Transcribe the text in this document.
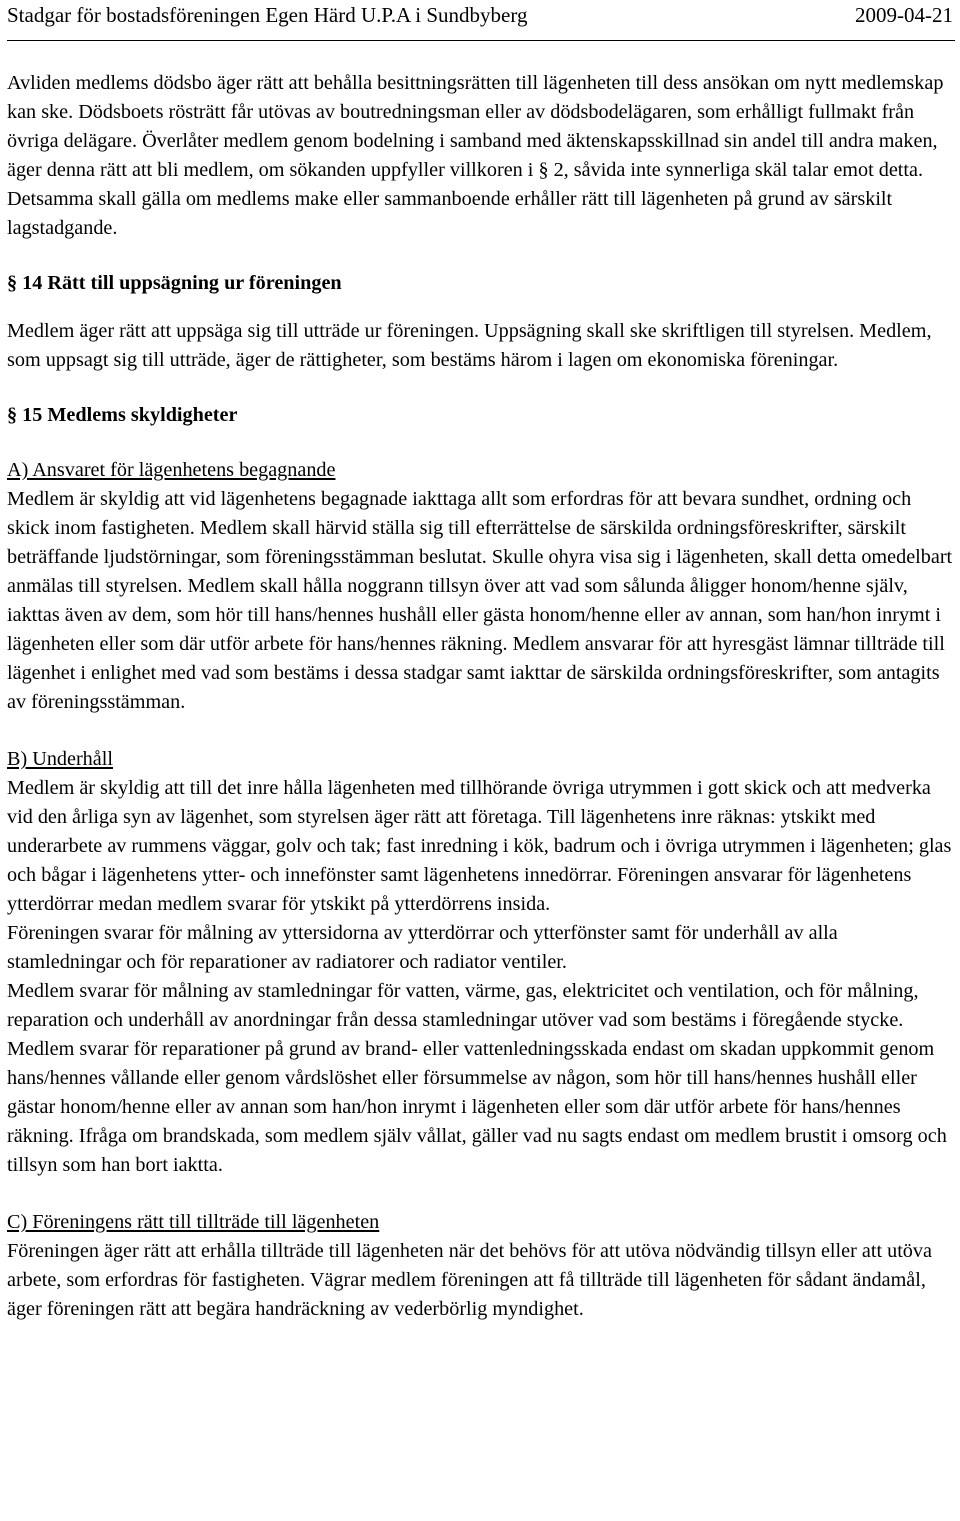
Stadgar för bostadsföreningen Egen Härd U.P.A i Sundbyberg	2009-04-21

Avliden medlems dödsbo äger rätt att behålla besittningsrätten till lägenheten till dess ansökan om nytt medlemskap kan ske. Dödsboets rösträtt får utövas av boutredningsman eller av dödsbodelägaren, som erhålligt fullmakt från övriga delägare. Överlåter medlem genom bodelning i samband med äktenskapsskillnad sin andel till andra maken, äger denna rätt att bli medlem, om sökanden uppfyller villkoren i § 2, såvida inte synnerliga skäl talar emot detta. Detsamma skall gälla om medlems make eller sammanboende erhåller rätt till lägenheten på grund av särskilt lagstadgande.

§ 14 Rätt till uppsägning ur föreningen

Medlem äger rätt att uppsäga sig till utträde ur föreningen. Uppsägning skall ske skriftligen till styrelsen. Medlem, som uppsagt sig till utträde, äger de rättigheter, som bestäms härom i lagen om ekonomiska föreningar.

§ 15 Medlems skyldigheter

A) Ansvaret för lägenhetens begagnande

Medlem är skyldig att vid lägenhetens begagnade iakttaga allt som erfordras för att bevara sundhet, ordning och skick inom fastigheten. Medlem skall härvid ställa sig till efterrättelse de särskilda ordningsföreskrifter, särskilt beträffande ljudstörningar, som föreningsstämman beslutat. Skulle ohyra visa sig i lägenheten, skall detta omedelbart anmälas till styrelsen. Medlem skall hålla noggrann tillsyn över att vad som sålunda åligger honom/henne själv, iakttas även av dem, som hör till hans/hennes hushåll eller gästa honom/henne eller av annan, som han/hon inrymt i lägenheten eller som där utför arbete för hans/hennes räkning. Medlem ansvarar för att hyresgäst lämnar tillträde till lägenhet i enlighet med vad som bestäms i dessa stadgar samt iakttar de särskilda ordningsföreskrifter, som antagits av föreningsstämman.

B) Underhåll

Medlem är skyldig att till det inre hålla lägenheten med tillhörande övriga utrymmen i gott skick och att medverka vid den årliga syn av lägenhet, som styrelsen äger rätt att företaga. Till lägenhetens inre räknas: ytskikt med underarbete av rummens väggar, golv och tak; fast inredning i kök, badrum och i övriga utrymmen i lägenheten; glas och bågar i lägenhetens ytter- och innefönster samt lägenhetens innedörrar. Föreningen ansvarar för lägenhetens ytterdörrar medan medlem svarar för ytskikt på ytterdörrens insida.

Föreningen svarar för målning av yttersidorna av ytterdörrar och ytterfönster samt för underhåll av alla stamledningar och för reparationer av radiatorer och radiator ventiler.

Medlem svarar för målning av stamledningar för vatten, värme, gas, elektricitet och ventilation, och för målning, reparation och underhåll av anordningar från dessa stamledningar utöver vad som bestäms i föregående stycke. Medlem svarar för reparationer på grund av brand- eller vattenledningsskada endast om skadan uppkommit genom hans/hennes vållande eller genom vårdslöshet eller försummelse av någon, som hör till hans/hennes hushåll eller gästar honom/henne eller av annan som han/hon inrymt i lägenheten eller som där utför arbete för hans/hennes räkning. Ifråga om brandskada, som medlem själv vållat, gäller vad nu sagts endast om medlem brustit i omsorg och tillsyn som han bort iaktta.

C) Föreningens rätt till tillträde till lägenheten

Föreningen äger rätt att erhålla tillträde till lägenheten när det behövs för att utöva nödvändig tillsyn eller att utöva arbete, som erfordras för fastigheten. Vägrar medlem föreningen att få tillträde till lägenheten för sådant ändamål, äger föreningen rätt att begära handräckning av vederbörlig myndighet.
